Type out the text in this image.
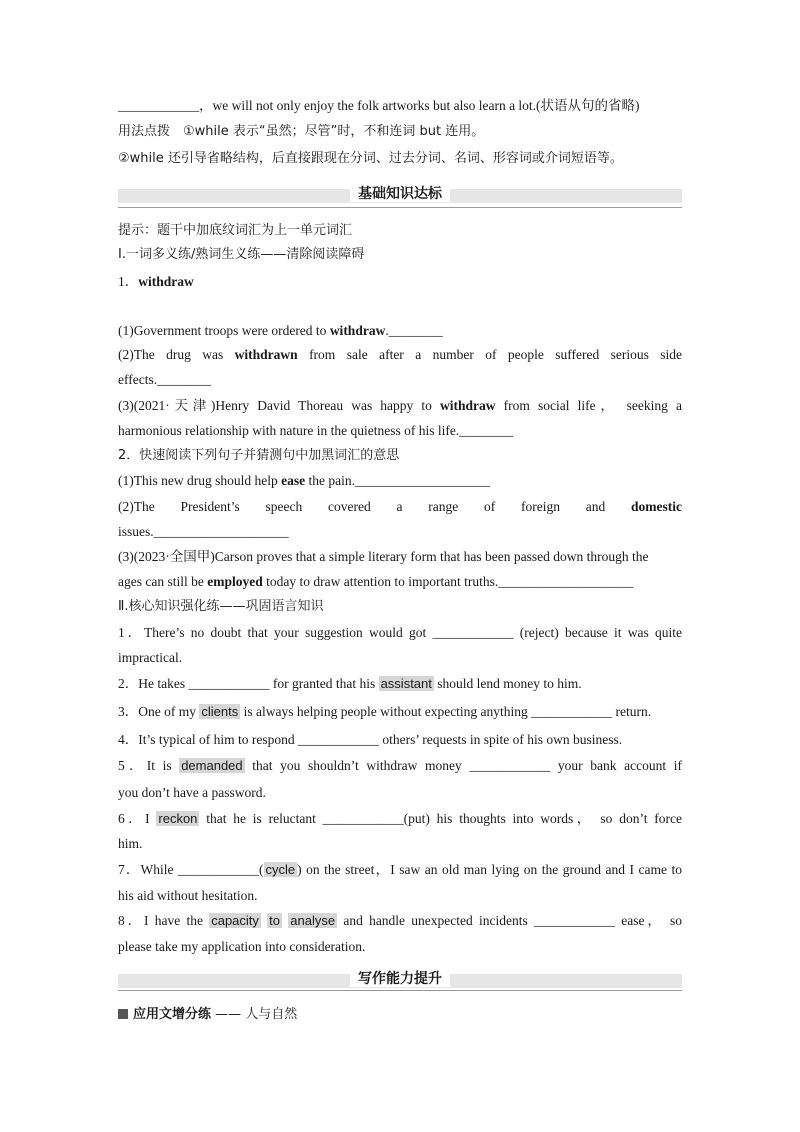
____________，we will not only enjoy the folk artworks but also learn a lot.(状语从句的省略)
用法点拨　①while 表示“虽然；尽管”时，不和连词 but 连用。
②while 还引导省略结构，后直接跟现在分词、过去分词、名词、形容词或介词短语等。
基础知识达标
提示：题干中加底纹词汇为上一单元词汇
Ⅰ.一词多义练/熟词生义练——清除阅读障碍
1．withdraw
(1)Government troops were ordered to withdraw.________
(2)The drug was withdrawn from sale after a number of people suffered serious side
effects.________
(3)(2021·天津)Henry David Thoreau was happy to withdraw from social life， seeking a
harmonious relationship with nature in the quietness of his life.________
2．快速阅读下列句子并猜测句中加黑词汇的意思
(1)This new drug should help ease the pain.____________________
(2)The President’s speech covered a range of foreign and domestic
issues.____________________
(3)(2023·全国甲)Carson proves that a simple literary form that has been passed down through the
ages can still be employed today to draw attention to important truths.____________________
Ⅱ.核心知识强化练——巩固语言知识
1．There’s no doubt that your suggestion would got ____________ (reject) because it was quite
impractical.
2．He takes ____________ for granted that his assistant should lend money to him.
3．One of my clients is always helping people without expecting anything ____________ return.
4．It’s typical of him to respond ____________ others’ requests in spite of his own business.
5．It is demanded that you shouldn’t withdraw money ____________ your bank account if
you don’t have a password.
6．I reckon that he is reluctant ____________(put) his thoughts into words， so don’t force
him.
7．While ____________( cycle ) on the street，I saw an old man lying on the ground and I came to
his aid without hesitation.
8．I have the capacity to analyse and handle unexpected incidents ____________ ease， so
please take my application into consideration.
写作能力提升
应用文增分练 —— 人与自然
